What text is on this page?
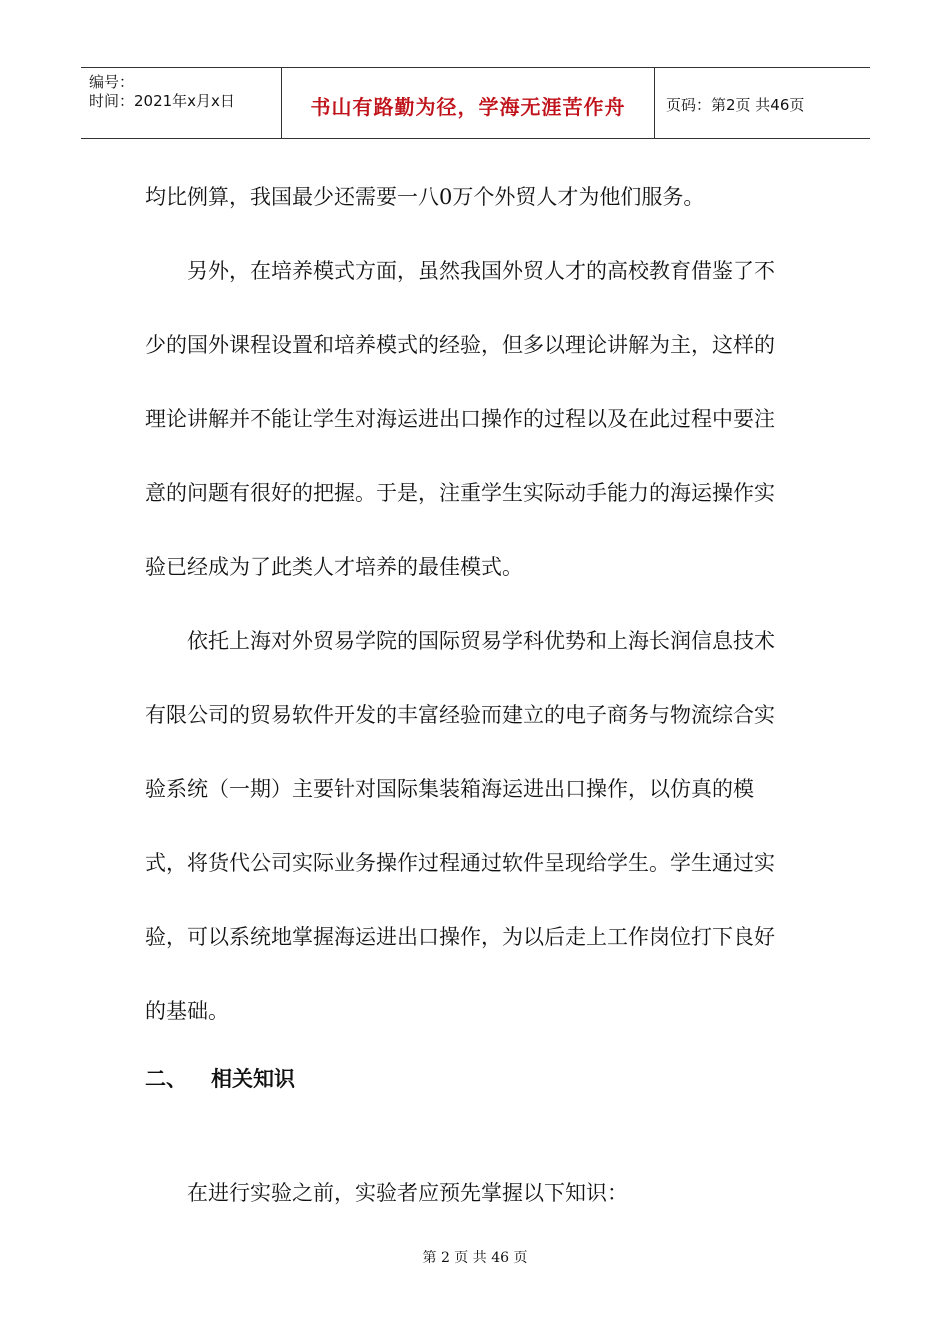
编号：
时间：2021年x月x日	书山有路勤为径，学海无涯苦作舟	页码：第2页 共46页

均比例算，我国最少还需要一八0万个外贸人才为他们服务。

另外，在培养模式方面，虽然我国外贸人才的高校教育借鉴了不少的国外课程设置和培养模式的经验，但多以理论讲解为主，这样的理论讲解并不能让学生对海运进出口操作的过程以及在此过程中要注意的问题有很好的把握。于是，注重学生实际动手能力的海运操作实验已经成为了此类人才培养的最佳模式。

依托上海对外贸易学院的国际贸易学科优势和上海长润信息技术有限公司的贸易软件开发的丰富经验而建立的电子商务与物流综合实验系统（一期）主要针对国际集装箱海运进出口操作，以仿真的模式，将货代公司实际业务操作过程通过软件呈现给学生。学生通过实验，可以系统地掌握海运进出口操作，为以后走上工作岗位打下良好的基础。

二、 相关知识
在进行实验之前，实验者应预先掌握以下知识：
第 2 页 共 46 页
